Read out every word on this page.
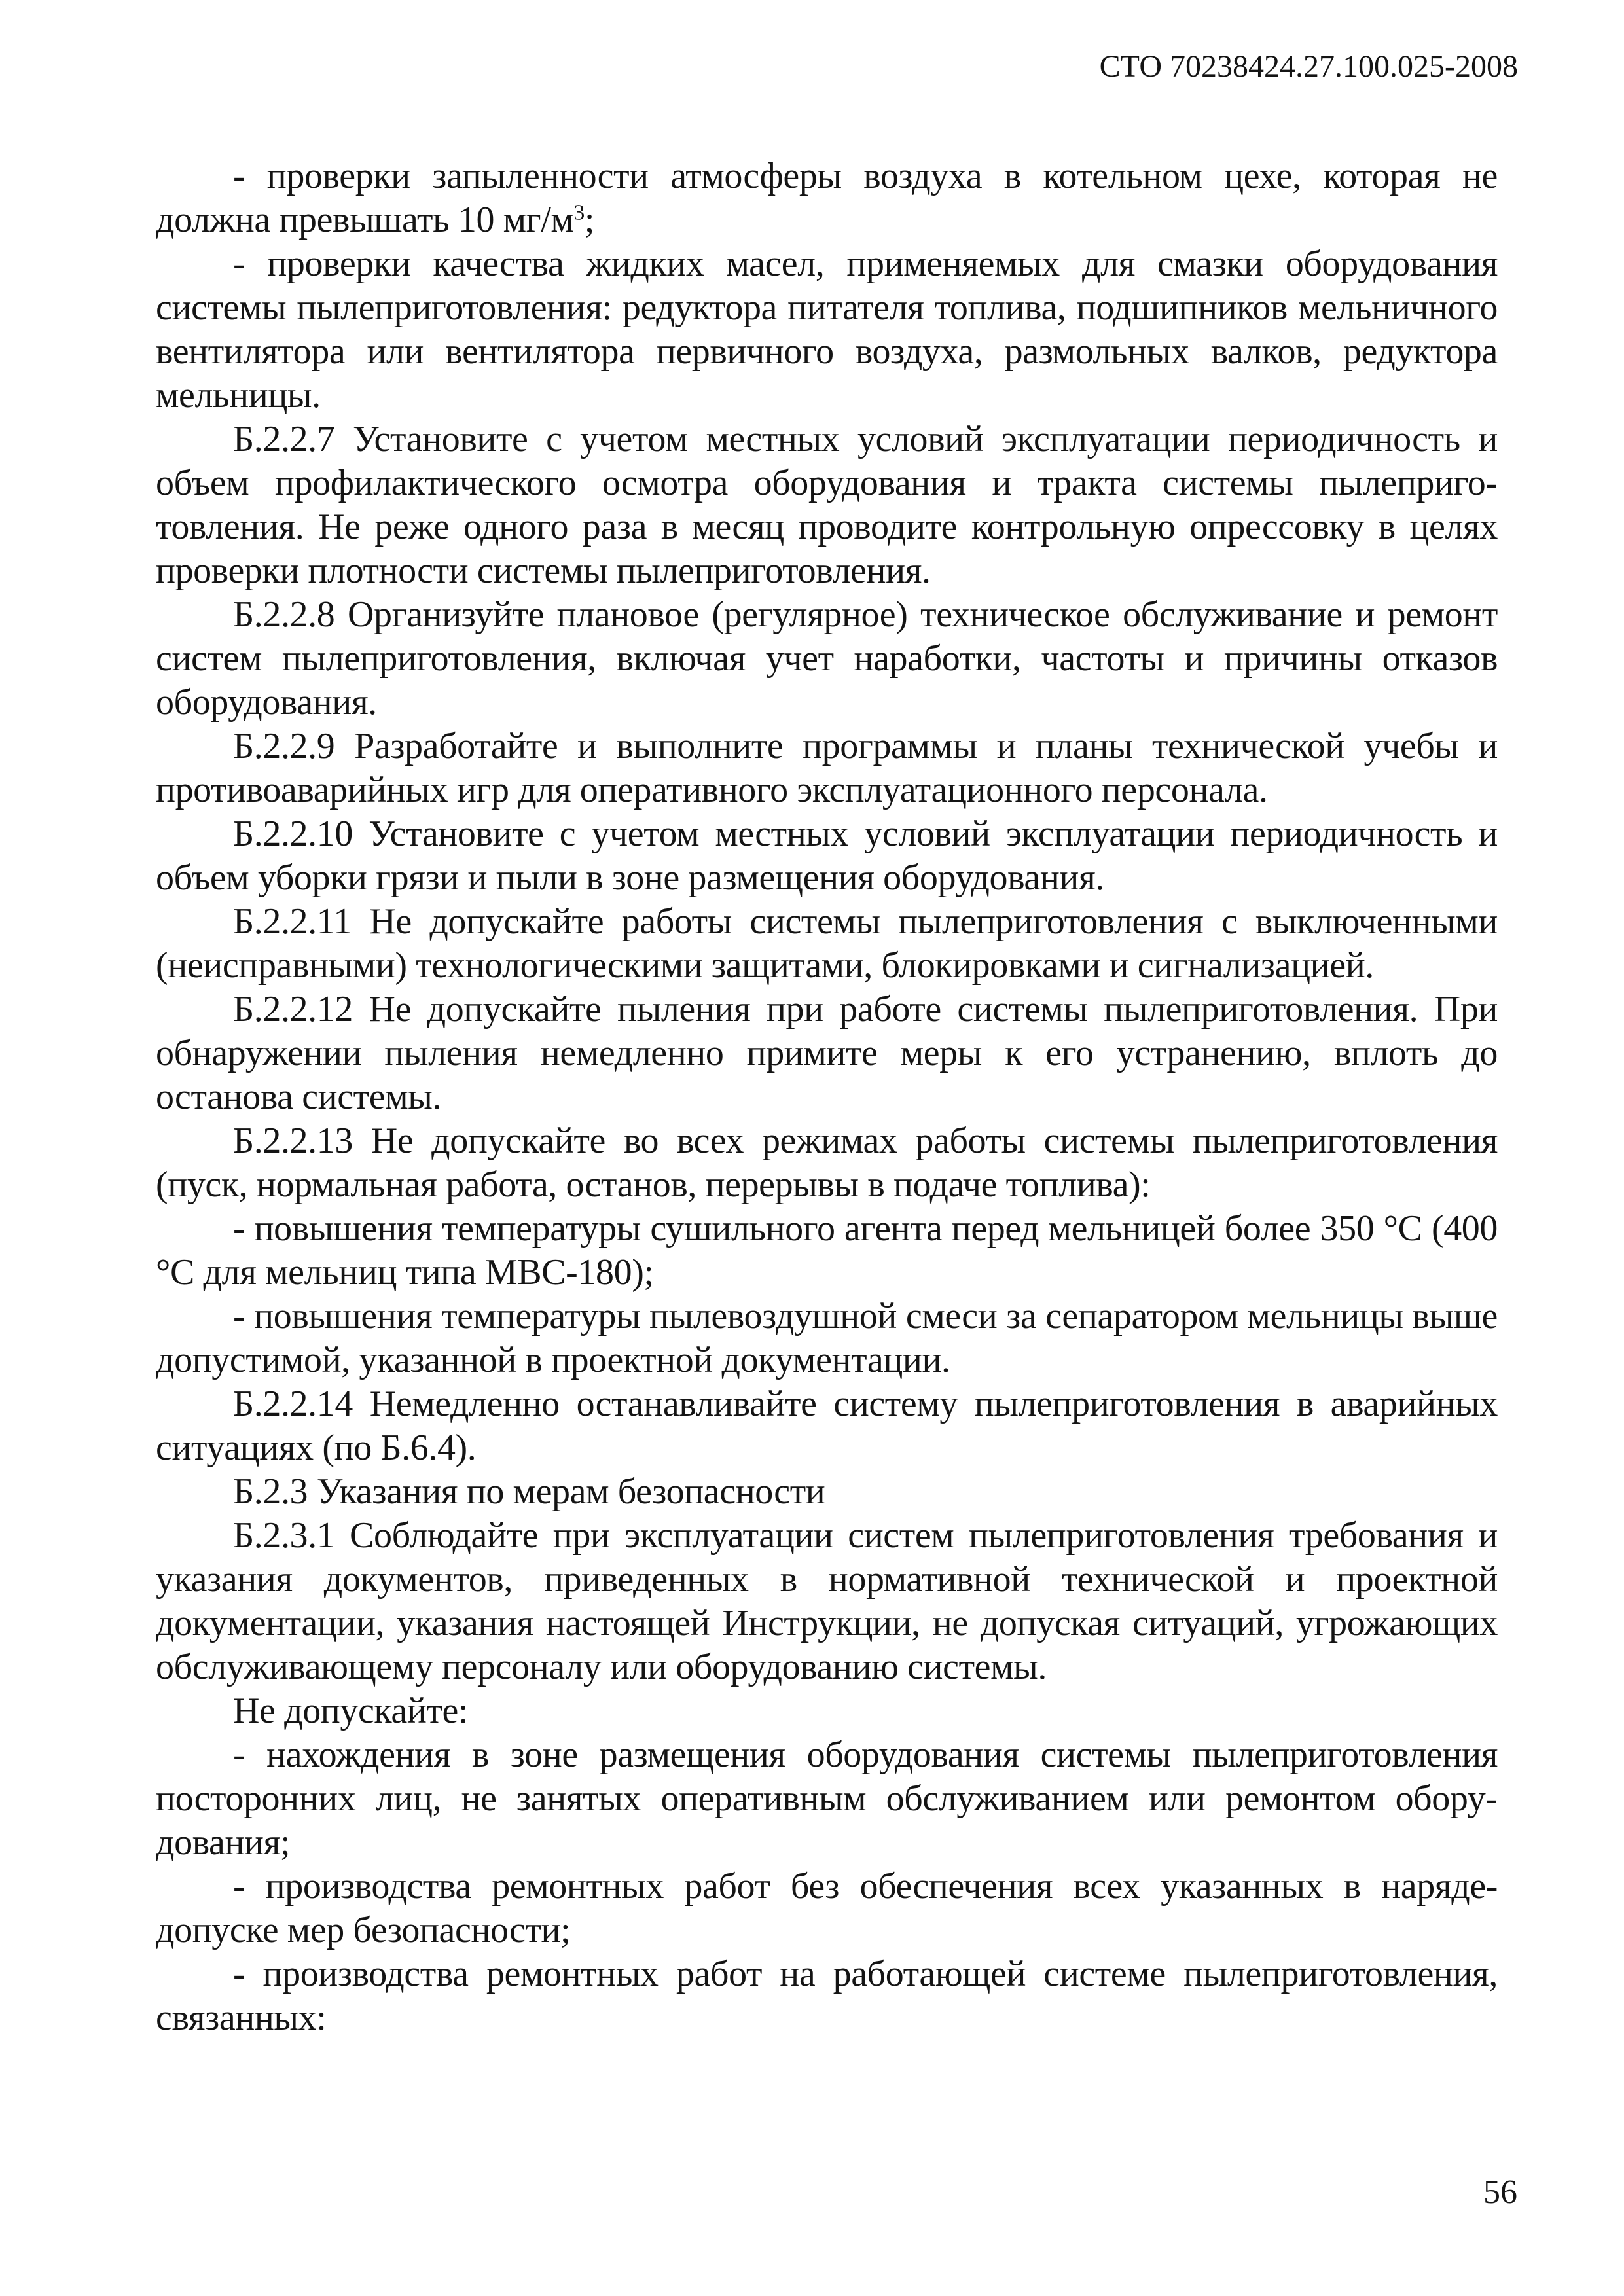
СТО 70238424.27.100.025-2008

- проверки запыленности атмосферы воздуха в котельном цехе, которая не должна превышать 10 $мг/м^3$;

- проверки качества жидких масел, применяемых для смазки оборудования системы пылеприготовления: редуктора питателя топлива, подшипников мельничного вентилятора или вентилятора первичного воздуха, размольных валков, редуктора мельницы.

Б.2.2.7 Установите с учетом местных условий эксплуатации периодичность и объем профилактического осмотра оборудования и тракта системы пылеприготовления. Не реже одного раза в месяц проводите контрольную опрессовку в целях проверки плотности системы пылеприготовления.

Б.2.2.8 Организуйте плановое (регулярное) техническое обслуживание и ремонт систем пылеприготовления, включая учет наработки, частоты и причины отказов оборудования.

Б.2.2.9 Разработайте и выполните программы и планы технической учебы и противоаварийных игр для оперативного эксплуатационного персонала.

Б.2.2.10 Установите с учетом местных условий эксплуатации периодичность и объем уборки грязи и пыли в зоне размещения оборудования.

Б.2.2.11 Не допускайте работы системы пылеприготовления с выключенными (неисправными) технологическими защитами, блокировками и сигнализацией.

Б.2.2.12 Не допускайте пыления при работе системы пылеприготовления. При обнаружении пыления немедленно примите меры к его устранению, вплоть до останова системы.

Б.2.2.13 Не допускайте во всех режимах работы системы пылеприготовления (пуск, нормальная работа, останов, перерывы в подаче топлива):

- повышения температуры сушильного агента перед мельницей более 350 °С (400 °С для мельниц типа МВС-180);

- повышения температуры пылевоздушной смеси за сепаратором мельницы выше допустимой, указанной в проектной документации.

Б.2.2.14 Немедленно останавливайте систему пылеприготовления в аварийных ситуациях (по Б.6.4).

Б.2.3 Указания по мерам безопасности

Б.2.3.1 Соблюдайте при эксплуатации систем пылеприготовления требования и указания документов, приведенных в нормативной технической и проектной документации, указания настоящей Инструкции, не допуская ситуаций, угрожающих обслуживающему персоналу или оборудованию системы.

Не допускайте:

- нахождения в зоне размещения оборудования системы пылеприготовления посторонних лиц, не занятых оперативным обслуживанием или ремонтом оборудования;

- производства ремонтных работ без обеспечения всех указанных в наряде-допуске мер безопасности;

- производства ремонтных работ на работающей системе пылеприготовления, связанных:

56
